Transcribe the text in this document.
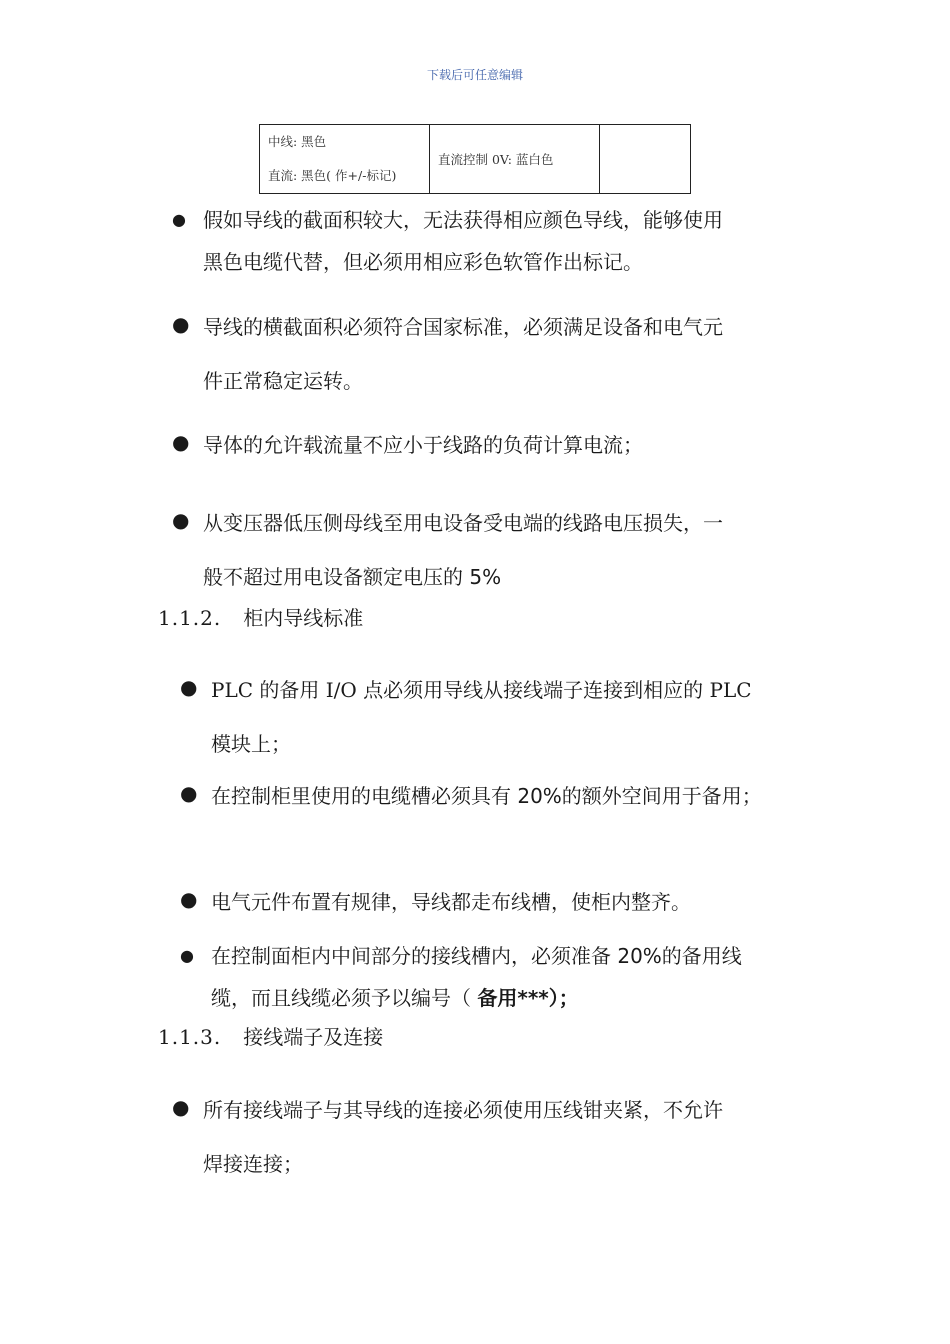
下载后可任意编辑
中线: 黑色
直流: 黑色( 作+/-标记)
	直流控制 0V: 蓝白色	
● 假如导线的截面积较大，无法获得相应颜色导线，能够使用
黑色电缆代替，但必须用相应彩色软管作出标记。
● 导线的横截面积必须符合国家标准，必须满足设备和电气元
件正常稳定运转。
● 导体的允许载流量不应小于线路的负荷计算电流；
● 从变压器低压侧母线至用电设备受电端的线路电压损失，一
般不超过用电设备额定电压的 5%
1.1.2. 柜内导线标准
● PLC 的备用 I/O 点必须用导线从接线端子连接到相应的 PLC
模块上；
● 在控制柜里使用的电缆槽必须具有 20%的额外空间用于备用；
● 电气元件布置有规律，导线都走布线槽，使柜内整齐。
● 在控制面柜内中间部分的接线槽内，必须准备 20%的备用线
缆，而且线缆必须予以编号（ 备用***）；
1.1.3. 接线端子及连接
● 所有接线端子与其导线的连接必须使用压线钳夹紧，不允许
焊接连接；
